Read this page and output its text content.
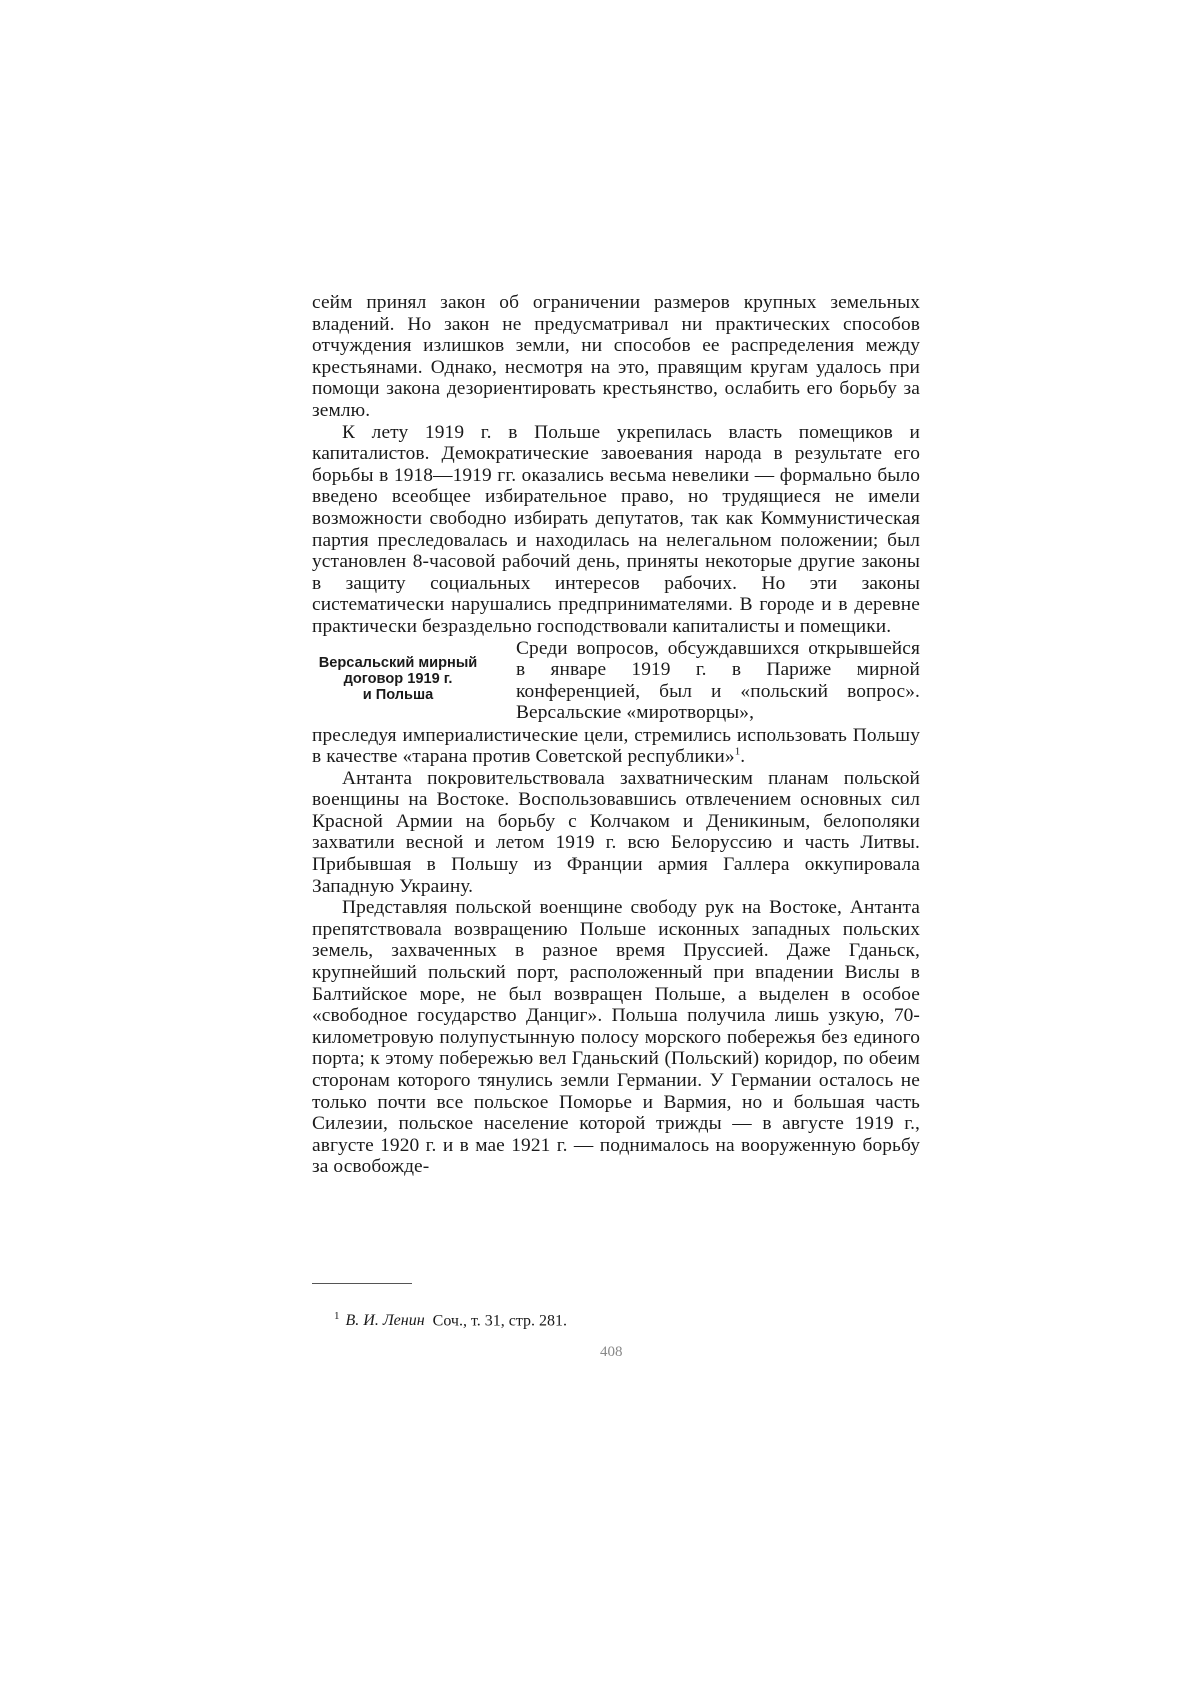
сейм принял закон об ограничении размеров крупных земельных владений. Но закон не предусматривал ни практических способов отчуждения излишков земли, ни способов ее распределения между крестьянами. Однако, несмотря на это, правящим кругам удалось при помощи закона дезориентировать крестьянство, ослабить его борьбу за землю.

К лету 1919 г. в Польше укрепилась власть помещиков и капиталистов. Демократические завоевания народа в результате его борьбы в 1918—1919 гг. оказались весьма невелики — формально было введено всеобщее избирательное право, но трудящиеся не имели возможности свободно избирать депутатов, так как Коммунистическая партия преследовалась и находилась на нелегальном положении; был установлен 8-часовой рабочий день, приняты некоторые другие законы в защиту социальных интересов рабочих. Но эти законы систематически нарушались предпринимателями. В городе и в деревне практически безраздельно господствовали капиталисты и помещики.

Версальский мирный
договор 1919 г.
и Польша

Среди вопросов, обсуждавшихся открывшейся в январе 1919 г. в Париже мирной конференцией, был и «польский вопрос». Версальские «миротворцы»,

преследуя империалистические цели, стремились использовать Польшу в качестве «тарана против Советской республики»$^1$.

Антанта покровительствовала захватническим планам польской военщины на Востоке. Воспользовавшись отвлечением основных сил Красной Армии на борьбу с Колчаком и Деникиным, белополяки захватили весной и летом 1919 г. всю Белоруссию и часть Литвы. Прибывшая в Польшу из Франции армия Галлера оккупировала Западную Украину.

Представляя польской военщине свободу рук на Востоке, Антанта препятствовала возвращению Польше исконных западных польских земель, захваченных в разное время Пруссией. Даже Гданьск, крупнейший польский порт, расположенный при впадении Вислы в Балтийское море, не был возвращен Польше, а выделен в особое «свободное государство Данциг». Польша получила лишь узкую, 70-километровую полупустынную полосу морского побережья без единого порта; к этому побережью вел Гданьский (Польский) коридор, по обеим сторонам которого тянулись земли Германии. У Германии осталось не только почти все польское Поморье и Вармия, но и большая часть Силезии, польское население которой трижды — в августе 1919 г., августе 1920 г. и в мае 1921 г. — поднималось на вооруженную борьбу за освобожде-

$^1$ В. И. Ленин Соч., т. 31, стр. 281.
408
